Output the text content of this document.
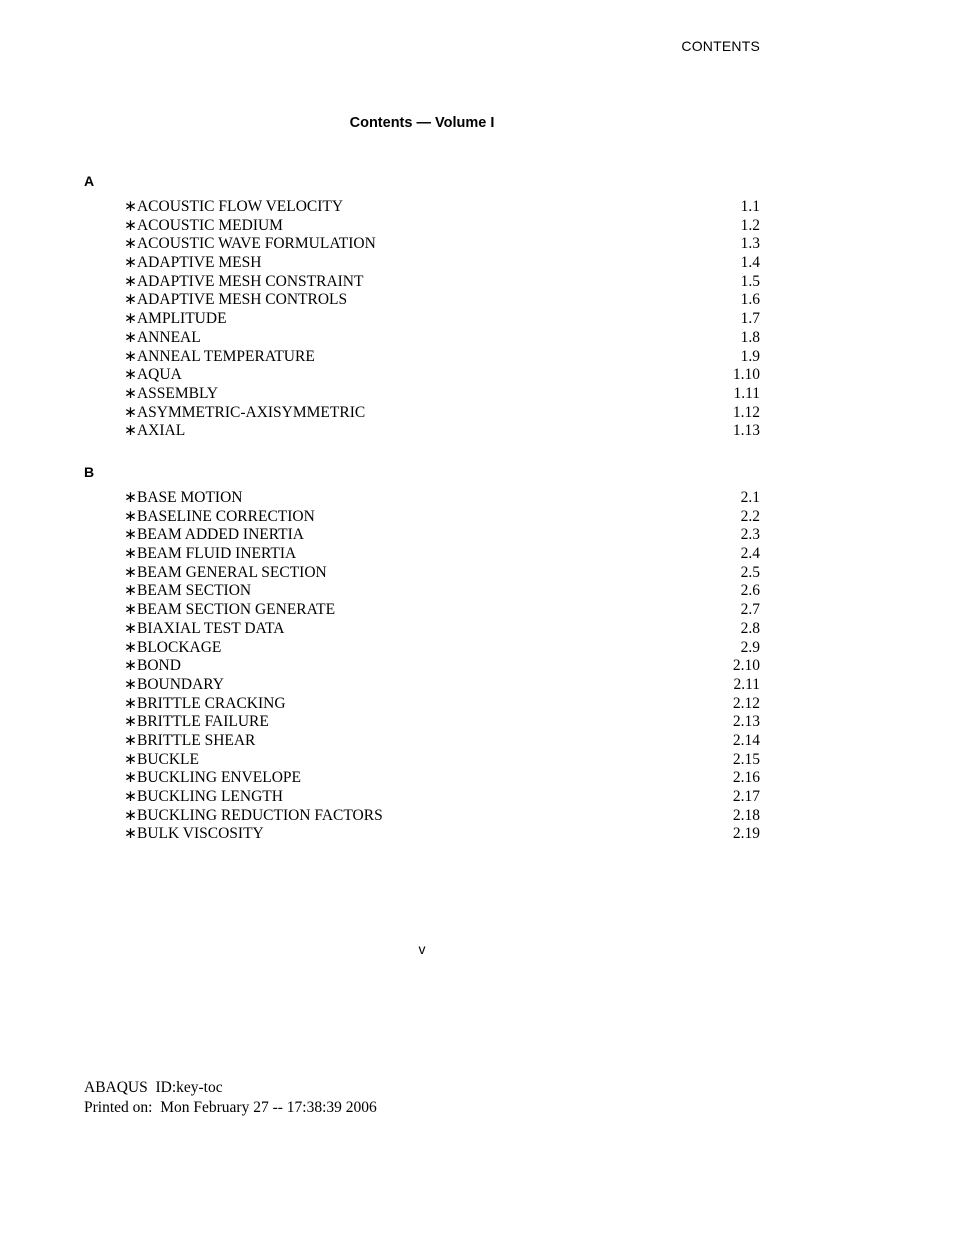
CONTENTS
Contents — Volume I
A
∗ACOUSTIC FLOW VELOCITY	1.1
∗ACOUSTIC MEDIUM	1.2
∗ACOUSTIC WAVE FORMULATION	1.3
∗ADAPTIVE MESH	1.4
∗ADAPTIVE MESH CONSTRAINT	1.5
∗ADAPTIVE MESH CONTROLS	1.6
∗AMPLITUDE	1.7
∗ANNEAL	1.8
∗ANNEAL TEMPERATURE	1.9
∗AQUA	1.10
∗ASSEMBLY	1.11
∗ASYMMETRIC-AXISYMMETRIC	1.12
∗AXIAL	1.13
B
∗BASE MOTION	2.1
∗BASELINE CORRECTION	2.2
∗BEAM ADDED INERTIA	2.3
∗BEAM FLUID INERTIA	2.4
∗BEAM GENERAL SECTION	2.5
∗BEAM SECTION	2.6
∗BEAM SECTION GENERATE	2.7
∗BIAXIAL TEST DATA	2.8
∗BLOCKAGE	2.9
∗BOND	2.10
∗BOUNDARY	2.11
∗BRITTLE CRACKING	2.12
∗BRITTLE FAILURE	2.13
∗BRITTLE SHEAR	2.14
∗BUCKLE	2.15
∗BUCKLING ENVELOPE	2.16
∗BUCKLING LENGTH	2.17
∗BUCKLING REDUCTION FACTORS	2.18
∗BULK VISCOSITY	2.19
v
ABAQUS  ID:key-toc
Printed on:  Mon February 27 -- 17:38:39 2006
